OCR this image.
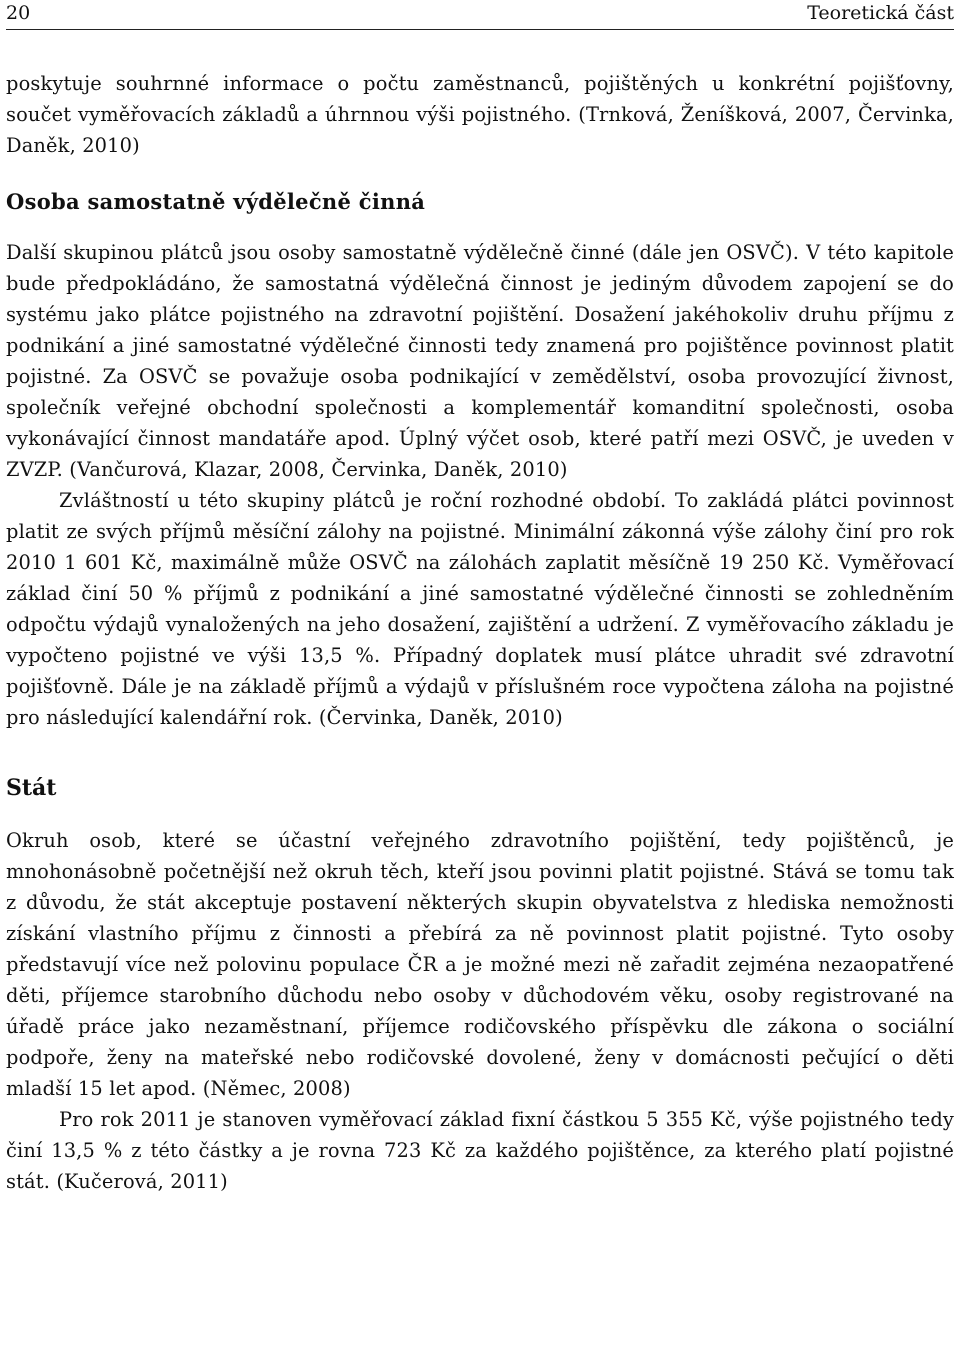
20	Teoretická část

poskytuje souhrnné informace o počtu zaměstnanců, pojištěných u konkrétní pojišťovny, součet vyměřovacích základů a úhrnnou výši pojistného. (Trnková, Ženíšková, 2007, Červinka, Daněk, 2010)

Osoba samostatně výdělečně činná

Další skupinou plátců jsou osoby samostatně výdělečně činné (dále jen OSVČ). V této kapitole bude předpokládáno, že samostatná výdělečná činnost je jediným důvodem zapojení se do systému jako plátce pojistného na zdravotní pojištění. Dosažení jakéhokoliv druhu příjmu z podnikání a jiné samostatné výdělečné činnosti tedy znamená pro pojištěnce povinnost platit pojistné. Za OSVČ se považuje osoba podnikající v zemědělství, osoba provozující živnost, společník veřejné obchodní společnosti a komplementář komanditní společnosti, osoba vykonávající činnost mandatáře apod. Úplný výčet osob, které patří mezi OSVČ, je uveden v ZVZP. (Vančurová, Klazar, 2008, Červinka, Daněk, 2010)

Zvláštností u této skupiny plátců je roční rozhodné období. To zakládá plátci povinnost platit ze svých příjmů měsíční zálohy na pojistné. Minimální zákonná výše zálohy činí pro rok 2010 1 601 Kč, maximálně může OSVČ na zálohách zaplatit měsíčně 19 250 Kč. Vyměřovací základ činí 50 % příjmů z podnikání a jiné samostatné výdělečné činnosti se zohledněním odpočtu výdajů vynaložených na jeho dosažení, zajištění a udržení. Z vyměřovacího základu je vypočteno pojistné ve výši 13,5 %. Případný doplatek musí plátce uhradit své zdravotní pojišťovně. Dále je na základě příjmů a výdajů v příslušném roce vypočtena záloha na pojistné pro následující kalendářní rok. (Červinka, Daněk, 2010)

Stát

Okruh osob, které se účastní veřejného zdravotního pojištění, tedy pojištěnců, je mnohonásobně početnější než okruh těch, kteří jsou povinni platit pojistné. Stává se tomu tak z důvodu, že stát akceptuje postavení některých skupin obyvatelstva z hlediska nemožnosti získání vlastního příjmu z činnosti a přebírá za ně povinnost platit pojistné. Tyto osoby představují více než polovinu populace ČR a je možné mezi ně zařadit zejména nezaopatřené děti, příjemce starobního důchodu nebo osoby v důchodovém věku, osoby registrované na úřadě práce jako nezaměstnaní, příjemce rodičovského příspěvku dle zákona o sociální podpoře, ženy na mateřské nebo rodičovské dovolené, ženy v domácnosti pečující o děti mladší 15 let apod. (Němec, 2008)

Pro rok 2011 je stanoven vyměřovací základ fixní částkou 5 355 Kč, výše pojistného tedy činí 13,5 % z této částky a je rovna 723 Kč za každého pojištěnce, za kterého platí pojistné stát. (Kučerová, 2011)
